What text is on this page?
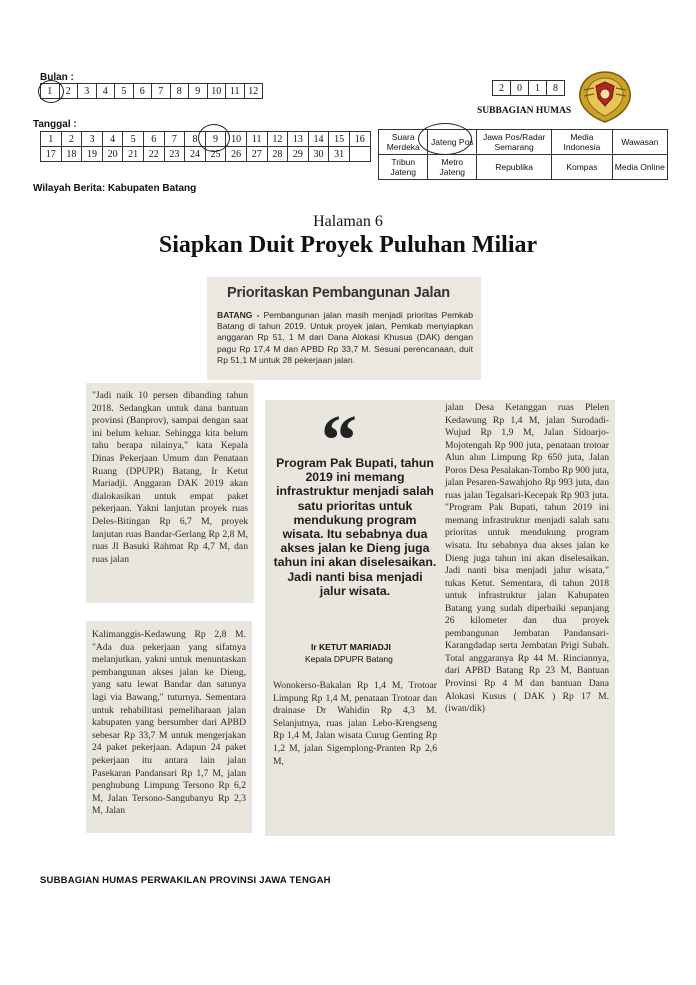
Bulan :
1	2	3	4	5	6	7	8	9	10	11	12
Tanggal :
1	2	3	4	5	6	7	8	9	10	11	12	13	14	15	16
17	18	19	20	21	22	23	24	25	26	27	28	29	30	31	
Wilayah Berita: Kabupaten Batang
2	0	1	8
SUBBAGIAN HUMAS
Suara Merdeka	Jateng Pos	Jawa Pos/Radar Semarang	Media Indonesia	Wawasan
Tribun Jateng	Metro Jateng	Republika	Kompas	Media Online
Halaman 6
Siapkan Duit Proyek Puluhan Miliar
Prioritaskan Pembangunan Jalan

BATANG - Pembangunan jalan masih menjadi prioritas Pemkab Batang di tahun 2019. Untuk proyek jalan, Pemkab menyiapkan anggaran Rp 51, 1 M dari Dana Alokasi Khusus (DAK) dengan pagu Rp 17,4 M dan APBD Rp 33,7 M. Sesuai perencanaan, duit Rp 51,1 M untuk 28 pekerjaan jalan.

"Jadi naik 10 persen dibanding tahun 2018. Sedangkan untuk dana bantuan provinsi (Banprov), sampai dengan saat ini belum keluar. Sehingga kita belum tahu berapa nilainya," kata Kepala Dinas Pekerjaan Umum dan Penataan Ruang (DPUPR) Batang, Ir Ketut Mariadji. Anggaran DAK 2019 akan dialokasikan untuk empat paket pekerjaan. Yakni lanjutan proyek ruas Deles-Bitingan Rp 6,7 M, proyek lanjutan ruas Bandar-Gerlang Rp 2,8 M, ruas Jl Basuki Rahmat Rp 4,7 M, dan ruas jalan

Kalimanggis-Kedawung Rp 2,8 M. "Ada dua pekerjaan yang sifatnya melanjutkan, yakni untuk menuntaskan pembangunan akses jalan ke Dieng, yang satu lewat Bandar dan satunya lagi via Bawang," tuturnya. Sementara untuk rehabilitasi pemeliharaan jalan kabupaten yang bersumber dari APBD sebesar Rp 33,7 M untuk mengerjakan 24 paket pekerjaan. Adapun 24 paket pekerjaan itu antara lain jalan Pasekaran Pandansari Rp 1,7 M, jalan penghubung Limpung Tersono Rp 6,2 M, Jalan Tersono-Sangubanyu Rp 2,3 M, Jalan

“
Program Pak Bupati, tahun 2019 ini memang infrastruktur menjadi salah satu prioritas untuk mendukung program wisata. Itu sebabnya dua akses jalan ke Dieng juga tahun ini akan diselesaikan. Jadi nanti bisa menjadi jalur wisata.
Ir KETUT MARIADJI
Kepala DPUPR Batang

Wonokerso-Bakalan Rp 1,4 M, Trotoar Limpung Rp 1,4 M, penataan Trotoar dan drainase Dr Wahidin Rp 4,3 M. Selanjutnya, ruas jalan Lebo-Krengseng Rp 1,4 M, Jalan wisata Curug Genting Rp 1,2 M, jalan Sigemplong-Pranten Rp 2,6 M,

jalan Desa Ketanggan ruas Plelen Kedawung Rp 1,4 M, jalan Surodadi-Wujud Rp 1,9 M, Jalan Sidoarjo-Mojotengah Rp 900 juta, penataan trotoar Alun alun Limpung Rp 650 juta, Jalan Poros Desa Pesalakan-Tombo Rp 900 juta, jalan Pesaren-Sawahjoho Rp 993 juta, dan ruas jalan Tegalsari-Kecepak Rp 903 juta. "Program Pak Bupati, tahun 2019 ini memang infrastruktur menjadi salah satu prioritas untuk mendukung program wisata. Itu sebabnya dua akses jalan ke Dieng juga tahun ini akan diselesaikan. Jadi nanti bisa menjadi jalur wisata," tukas Ketut. Sementara, di tahun 2018 untuk infrastruktur jalan Kabupaten Batang yang sudah diperbaiki sepanjang 26 kilometer dan dua proyek pembangunan Jembatan Pandansari-Karangdadap serta Jembatan Prigi Subah. Total anggaranya Rp 44 M. Rinciannya, dari APBD Batang Rp 23 M, Bantuan Provinsi Rp 4 M dan bantuan Dana Alokasi Kusus ( DAK ) Rp 17 M. (iwan/dik)

SUBBAGIAN HUMAS PERWAKILAN PROVINSI JAWA TENGAH
